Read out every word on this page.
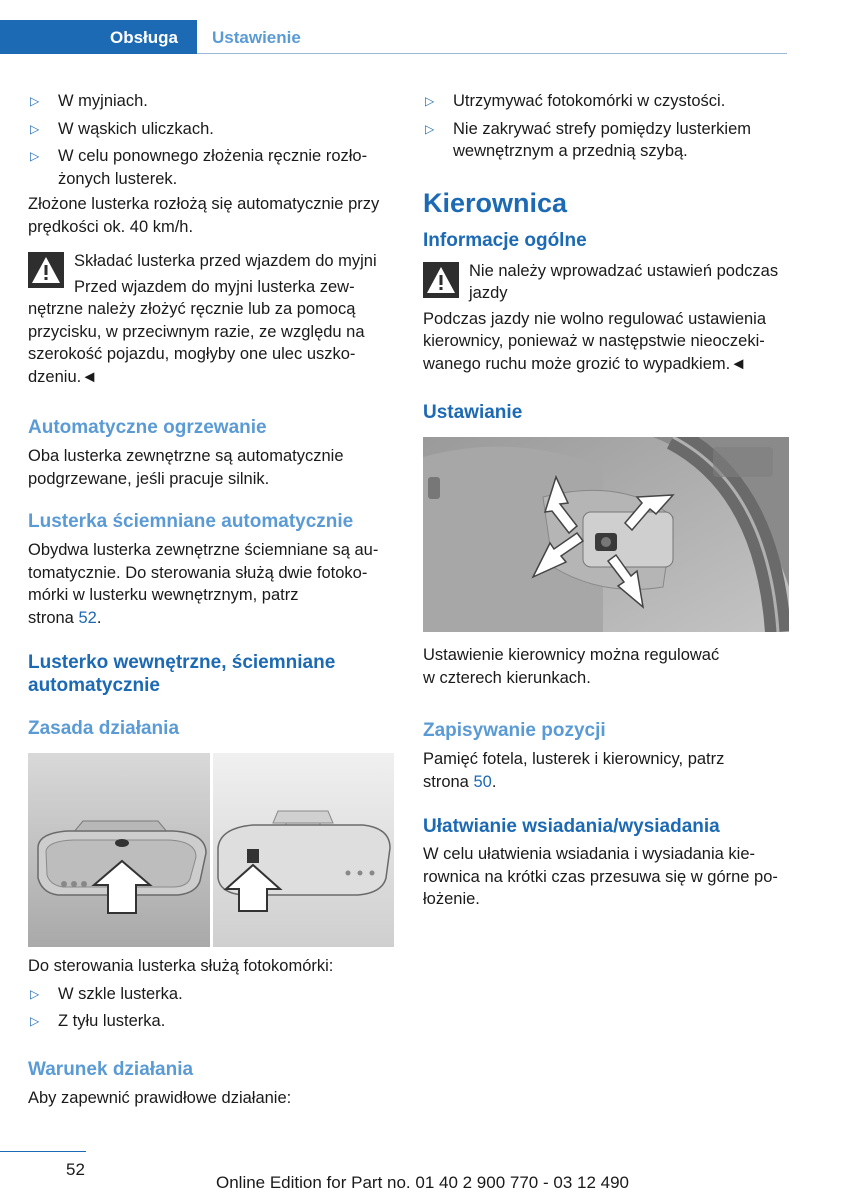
Obsługa Ustawienie
▷ W myjniach.
▷ W wąskich uliczkach.
▷ W celu ponownego złożenia ręcznie rozło-
żonych lusterek.

Złożone lusterka rozłożą się automatycznie przy
prędkości ok. 40 km/h.

Składać lusterka przed wjazdem do myjni
Przed wjazdem do myjni lusterka zew-

nętrzne należy złożyć ręcznie lub za pomocą
przycisku, w przeciwnym razie, ze względu na
szerokość pojazdu, mogłyby one ulec uszko-
dzeniu.◄

Automatyczne ogrzewanie

Oba lusterka zewnętrzne są automatycznie
podgrzewane, jeśli pracuje silnik.

Lusterka ściemniane automatycznie

Obydwa lusterka zewnętrzne ściemniane są au-
tomatycznie. Do sterowania służą dwie fotoko-
mórki w lusterku wewnętrznym, patrz
strona 52.

Lusterko wewnętrzne, ściemniane
automatycznie
Zasada działania

Do sterowania lusterka służą fotokomórki:

▷ W szkle lusterka.
▷ Z tyłu lusterka.
Warunek działania

Aby zapewnić prawidłowe działanie:

▷ Utrzymywać fotokomórki w czystości.
▷ Nie zakrywać strefy pomiędzy lusterkiem
wewnętrznym a przednią szybą.
Kierownica
Informacje ogólne
Nie należy wprowadzać ustawień podczas
jazdy

Podczas jazdy nie wolno regulować ustawienia
kierownicy, ponieważ w następstwie nieoczeki-
wanego ruchu może grozić to wypadkiem.◄

Ustawianie

Ustawienie kierownicy można regulować
w czterech kierunkach.

Zapisywanie pozycji

Pamięć fotela, lusterek i kierownicy, patrz
strona 50.

Ułatwianie wsiadania/wysiadania

W celu ułatwienia wsiadania i wysiadania kie-
rownica na krótki czas przesuwa się w górne po-
łożenie.

52
Online Edition for Part no. 01 40 2 900 770 - 03 12 490
